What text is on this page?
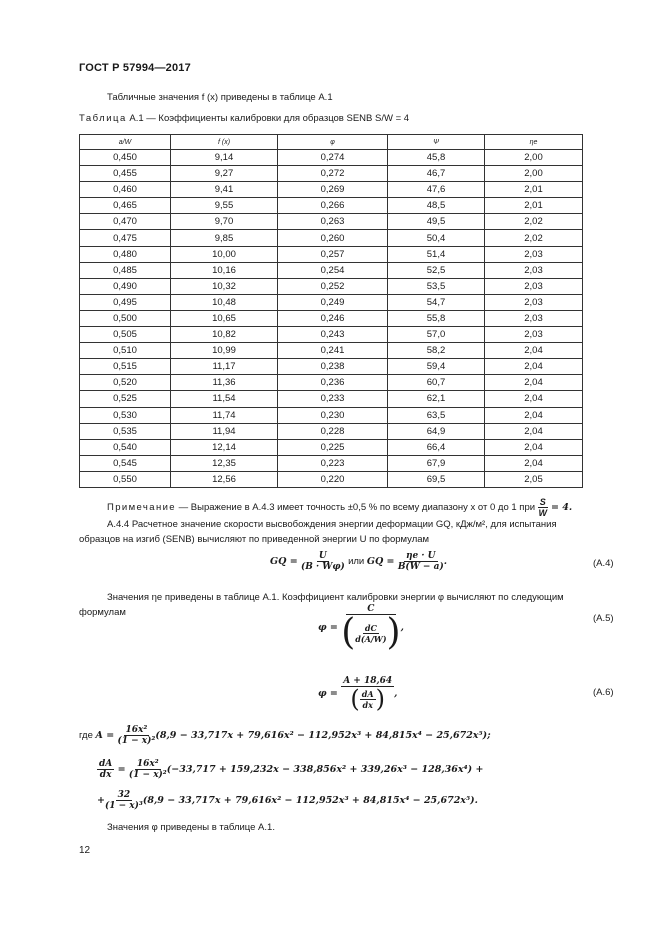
ГОСТ Р 57994—2017
Табличные значения f (x) приведены в таблице А.1
Таблица А.1 — Коэффициенты калибровки для образцов SENB S/W = 4
a/W	f (x)	φ	Ψ	ηe
0,450	9,14	0,274	45,8	2,00
0,455	9,27	0,272	46,7	2,00
0,460	9,41	0,269	47,6	2,01
0,465	9,55	0,266	48,5	2,01
0,470	9,70	0,263	49,5	2,02
0,475	9,85	0,260	50,4	2,02
0,480	10,00	0,257	51,4	2,03
0,485	10,16	0,254	52,5	2,03
0,490	10,32	0,252	53,5	2,03
0,495	10,48	0,249	54,7	2,03
0,500	10,65	0,246	55,8	2,03
0,505	10,82	0,243	57,0	2,03
0,510	10,99	0,241	58,2	2,04
0,515	11,17	0,238	59,4	2,04
0,520	11,36	0,236	60,7	2,04
0,525	11,54	0,233	62,1	2,04
0,530	11,74	0,230	63,5	2,04
0,535	11,94	0,228	64,9	2,04
0,540	12,14	0,225	66,4	2,04
0,545	12,35	0,223	67,9	2,04
0,550	12,56	0,220	69,5	2,05
Примечание — Выражение в А.4.3 имеет точность ±0,5 % по всему диапазону x от 0 до 1 при $\frac{S}{W} = 4$.
А.4.4 Расчетное значение скорости высвобождения энергии деформации GQ, кДж/м², для испытания образцов на изгиб (SENB) вычисляют по приведенной энергии U по формулам
GQ = $\frac{U}{(B \cdot W\varphi)}$ или GQ = $\frac{\eta e \cdot U}{B(W - a)}$ .	(А.4)
Значения ηe приведены в таблице А.1. Коэффициент калибровки энергии φ вычисляют по следующим формулам
$\varphi = \frac{C}{( \frac{dC}{d(A/W)} )}$ ,
(А.5)
$\varphi = \frac{A + 18,64}{( \frac{dA}{dx} )}$ ,	(А.6)
где $A = \frac{\text{16x²}}{\text{(1 − x)²}} (8,9 - 33,717x + 79,616x^2 - 112,952x^3 + 84,815x^4 - 25,672x^5)$;
$\frac{dA}{dx} = \frac{\text{16x²}}{\text{(1 − x)²}} (-33,717 + 159,232x - 338,856x^2 + 339,26x^3 - 128,36x^4)$ +
+ $\frac{32}{\text{(1 − x)³}} (8,9 - 33,717x + 79,616x^2 - 112,952x^3 + 84,815x^4 - 25,672x^5)$.
Значения φ приведены в таблице А.1.
12
